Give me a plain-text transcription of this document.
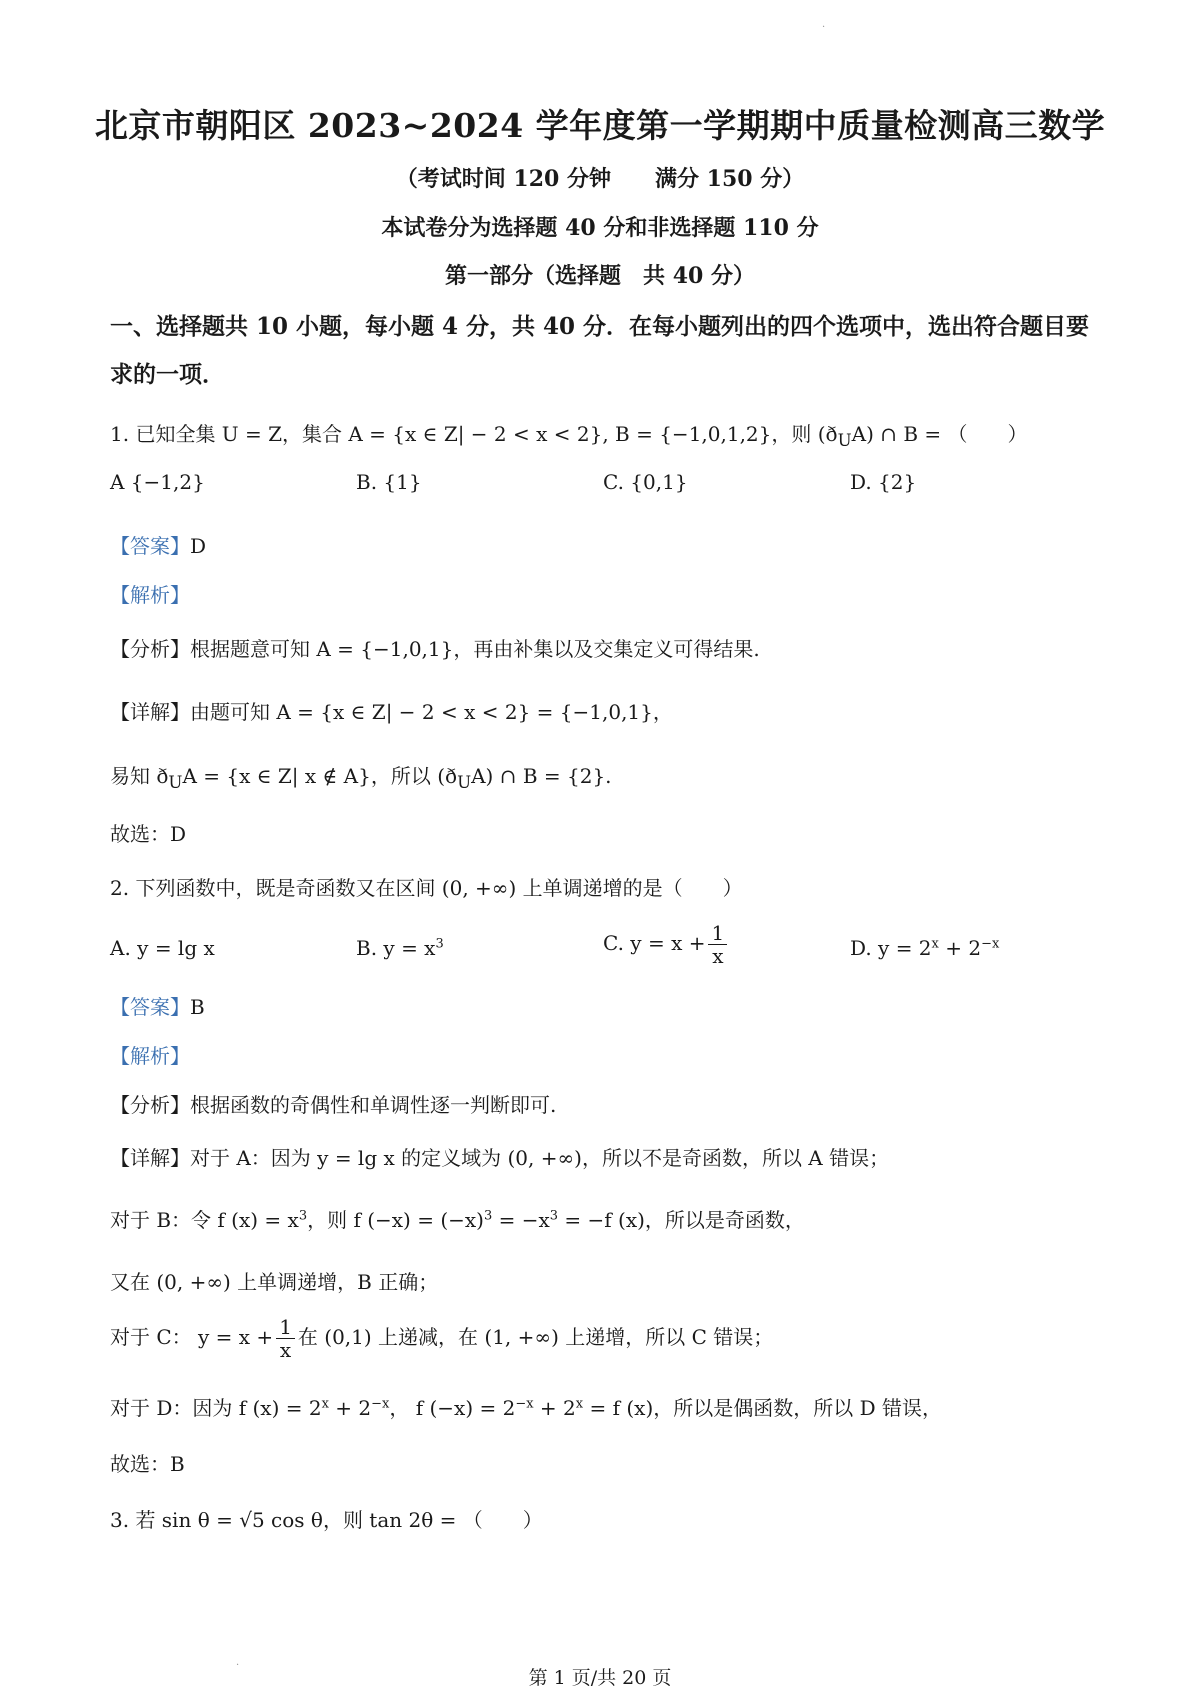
·
北京市朝阳区 2023~2024 学年度第一学期期中质量检测高三数学
（考试时间 120 分钟　　满分 150 分）
本试卷分为选择题 40 分和非选择题 110 分
第一部分（选择题　共 40 分）
一、选择题共 10 小题，每小题 4 分，共 40 分．在每小题列出的四个选项中，选出符合题目要
求的一项．
1. 已知全集 U = Z，集合 A = {x ∈ Z| − 2 < x < 2}, B = {−1,0,1,2}，则 $(ð_UA)$ ∩ B = （　　）
A {−1,2}	B. {1}	C. {0,1}	D. {2}
【答案】D
【解析】
【分析】根据题意可知 A = {−1,0,1}，再由补集以及交集定义可得结果.
【详解】由题可知 A = {x ∈ Z| − 2 < x < 2} = {−1,0,1}，
易知 $ð_UA = \{x$ ∈ Z| x ∉ A}，所以 $(ð_UA)$ ∩ B = {2}.
故选：D
2. 下列函数中，既是奇函数又在区间 (0, +∞) 上单调递增的是（　　）
A. y = lg x	B. $y = x^3$	C. $y = x + \frac{1}{x}$	D. $y = 2^x + 2^{-x}$
【答案】B
【解析】
【分析】根据函数的奇偶性和单调性逐一判断即可.
【详解】对于 A：因为 y = lg x 的定义域为 (0, +∞)，所以不是奇函数，所以 A 错误；
对于 B：令 f $(x) = x^3$，则 f $(-x) = (-x)^3 = -x^3 = -f$ (x)，所以是奇函数，
又在 (0, +∞) 上单调递增，B 正确；
对于 C： $y = x + \frac{1}{x}$ 在 (0,1) 上递减，在 (1, +∞) 上递增，所以 C 错误；
对于 D：因为 f $(x) = 2^x + 2^{-x}$， f $(-x) = 2^{-x} + 2^x = f$ (x)，所以是偶函数，所以 D 错误，
故选：B
3. 若 sin θ = √5 cos θ，则 tan 2θ = （　　）
·
第 1 页/共 20 页
